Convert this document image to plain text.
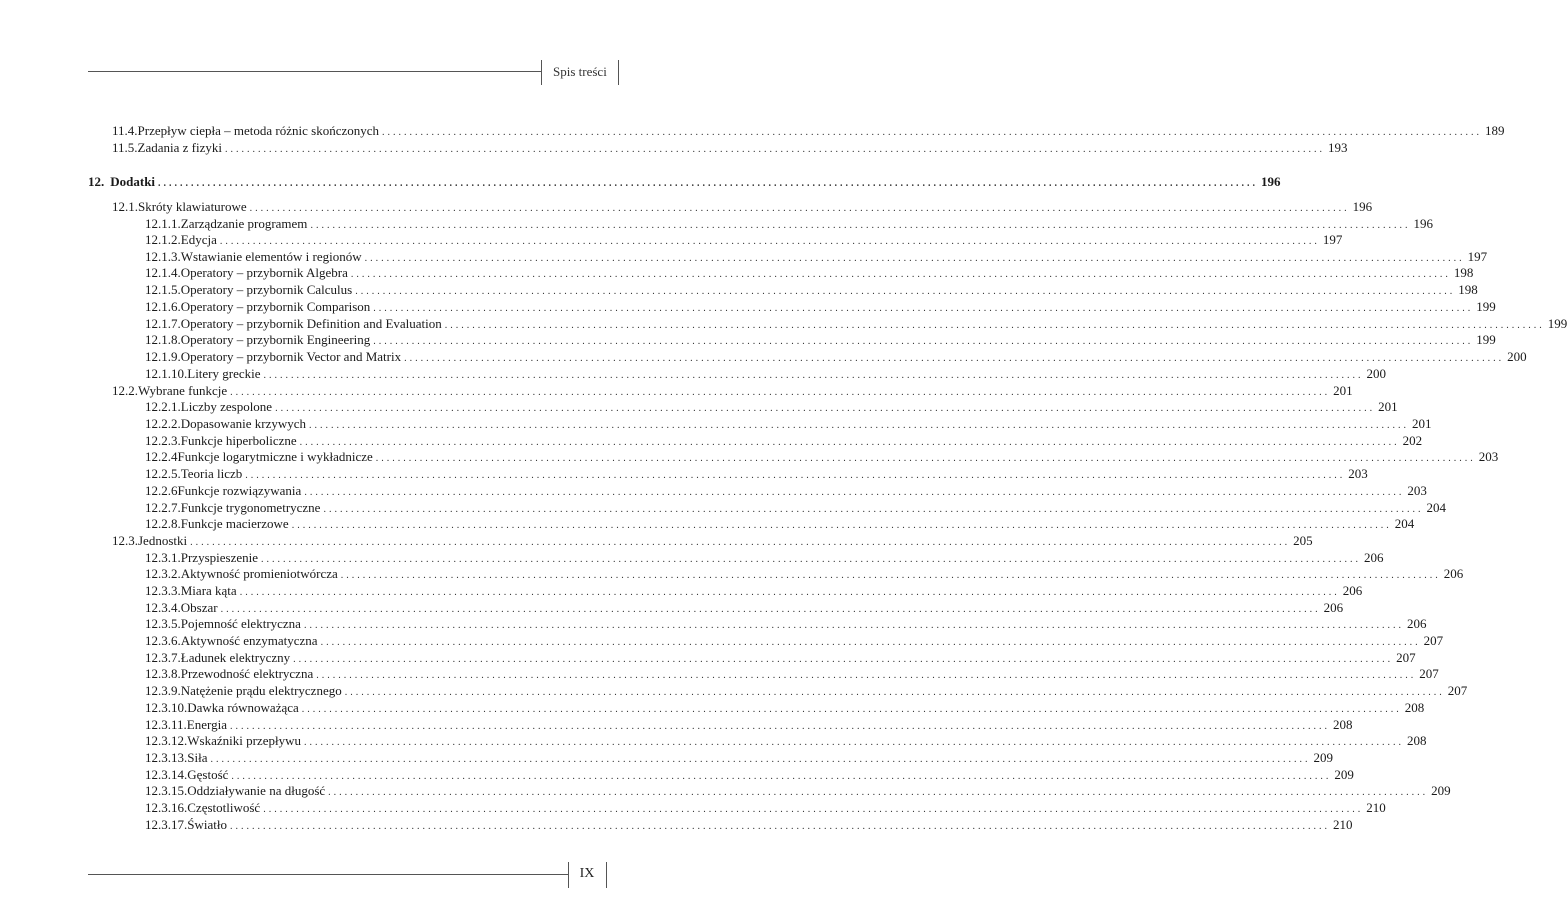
Spis treści
11.4. Przepływ ciepła – metoda różnic skończonych ........................................................................................................................................................................................................ 189
11.5. Zadania z fizyki ........................................................................................................................................................................................................ 193
12. Dodatki ........................................................................................................................................................................................................ 196
12.1. Skróty klawiaturowe ........................................................................................................................................................................................................ 196
12.1.1. Zarządzanie programem ........................................................................................................................................................................................................ 196
12.1.2. Edycja ........................................................................................................................................................................................................ 197
12.1.3. Wstawianie elementów i regionów ........................................................................................................................................................................................................ 197
12.1.4. Operatory – przybornik Algebra ........................................................................................................................................................................................................ 198
12.1.5. Operatory – przybornik Calculus ........................................................................................................................................................................................................ 198
12.1.6. Operatory – przybornik Comparison ........................................................................................................................................................................................................ 199
12.1.7. Operatory – przybornik Definition and Evaluation ........................................................................................................................................................................................................ 199
12.1.8. Operatory – przybornik Engineering ........................................................................................................................................................................................................ 199
12.1.9. Operatory – przybornik Vector and Matrix ........................................................................................................................................................................................................ 200
12.1.10. Litery greckie ........................................................................................................................................................................................................ 200
12.2. Wybrane funkcje ........................................................................................................................................................................................................ 201
12.2.1. Liczby zespolone ........................................................................................................................................................................................................ 201
12.2.2. Dopasowanie krzywych ........................................................................................................................................................................................................ 201
12.2.3. Funkcje hiperboliczne ........................................................................................................................................................................................................ 202
12.2.4 Funkcje logarytmiczne i wykładnicze ........................................................................................................................................................................................................ 203
12.2.5. Teoria liczb ........................................................................................................................................................................................................ 203
12.2.6 Funkcje rozwiązywania ........................................................................................................................................................................................................ 203
12.2.7. Funkcje trygonometryczne ........................................................................................................................................................................................................ 204
12.2.8. Funkcje macierzowe ........................................................................................................................................................................................................ 204
12.3. Jednostki ........................................................................................................................................................................................................ 205
12.3.1. Przyspieszenie ........................................................................................................................................................................................................ 206
12.3.2. Aktywność promieniotwórcza ........................................................................................................................................................................................................ 206
12.3.3. Miara kąta ........................................................................................................................................................................................................ 206
12.3.4. Obszar ........................................................................................................................................................................................................ 206
12.3.5. Pojemność elektryczna ........................................................................................................................................................................................................ 206
12.3.6. Aktywność enzymatyczna ........................................................................................................................................................................................................ 207
12.3.7. Ładunek elektryczny ........................................................................................................................................................................................................ 207
12.3.8. Przewodność elektryczna ........................................................................................................................................................................................................ 207
12.3.9. Natężenie prądu elektrycznego ........................................................................................................................................................................................................ 207
12.3.10. Dawka równoważąca ........................................................................................................................................................................................................ 208
12.3.11. Energia ........................................................................................................................................................................................................ 208
12.3.12. Wskaźniki przepływu ........................................................................................................................................................................................................ 208
12.3.13. Siła ........................................................................................................................................................................................................ 209
12.3.14. Gęstość ........................................................................................................................................................................................................ 209
12.3.15. Oddziaływanie na długość ........................................................................................................................................................................................................ 209
12.3.16. Częstotliwość ........................................................................................................................................................................................................ 210
12.3.17. Światło ........................................................................................................................................................................................................ 210
IX
